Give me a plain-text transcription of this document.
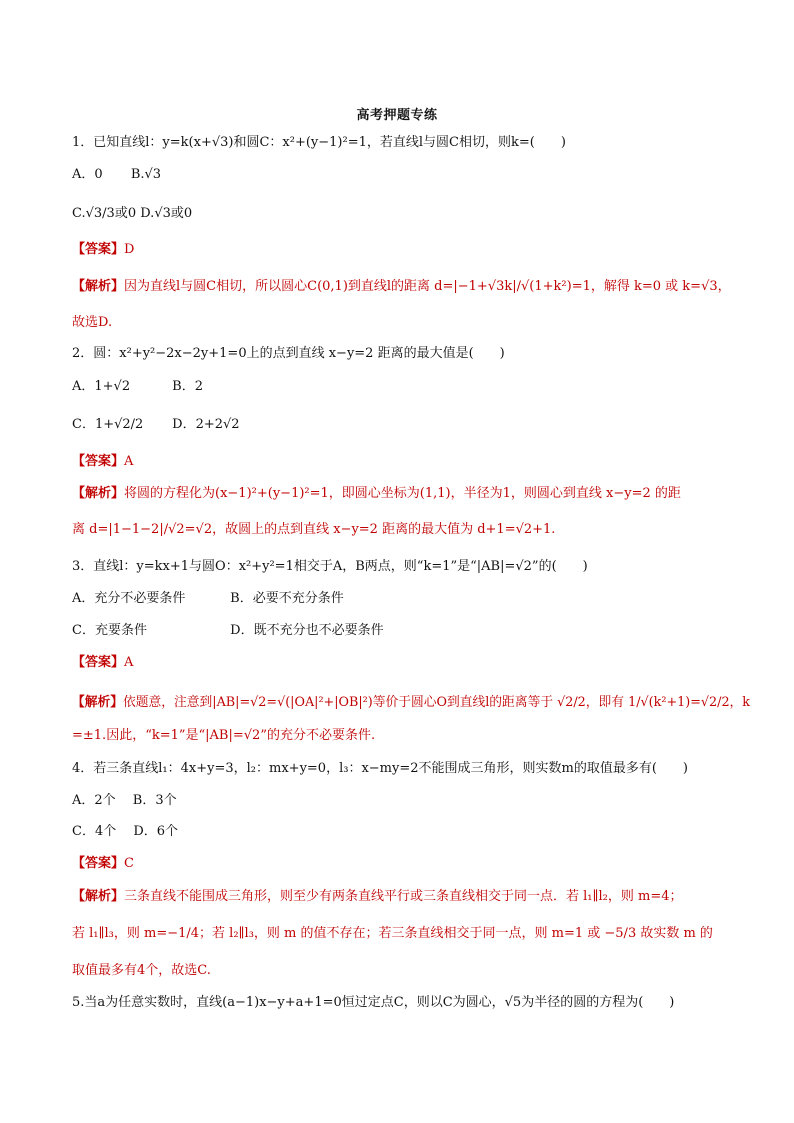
高考押题专练
1．已知直线l：y=k(x+√3)和圆C：x²+(y−1)²=1，若直线l与圆C相切，则k=(　　)
A．0 B.√3
C.√3/3或0 D.√3或0
【答案】D
【解析】因为直线l与圆C相切，所以圆心C(0,1)到直线l的距离 d=|−1+√3k|/√(1+k²)=1，解得 k=0 或 k=√3，
故选D.
2．圆：x²+y²−2x−2y+1=0上的点到直线 x−y=2 距离的最大值是(　　)
A．1+√2	B．2
C．1+√2/2 D．2+2√2
【答案】A
【解析】将圆的方程化为(x−1)²+(y−1)²=1，即圆心坐标为(1,1)，半径为1，则圆心到直线 x−y=2 的距
离 d=|1−1−2|/√2=√2，故圆上的点到直线 x−y=2 距离的最大值为 d+1=√2+1.
3．直线l：y=kx+1与圆O：x²+y²=1相交于A，B两点，则“k=1”是“|AB|=√2”的(　　)
A．充分不必要条件	B．必要不充分条件
C．充要条件	D．既不充分也不必要条件
【答案】A
【解析】依题意，注意到|AB|=√2=√(|OA|²+|OB|²)等价于圆心O到直线l的距离等于 √2/2，即有 1/√(k²+1)=√2/2，k
=±1.因此，“k=1”是“|AB|=√2”的充分不必要条件.
4．若三条直线l₁：4x+y=3，l₂：mx+y=0，l₃：x−my=2不能围成三角形，则实数m的取值最多有(　　)
A．2个　 B．3个
C．4个　 D．6个
【答案】C
【解析】三条直线不能围成三角形，则至少有两条直线平行或三条直线相交于同一点．若 l₁∥l₂，则 m=4；
若 l₁∥l₃，则 m=−1/4；若 l₂∥l₃，则 m 的值不存在；若三条直线相交于同一点，则 m=1 或 −5/3 故实数 m 的
取值最多有4个，故选C.
5.当a为任意实数时，直线(a−1)x−y+a+1=0恒过定点C，则以C为圆心，√5为半径的圆的方程为(　　)
